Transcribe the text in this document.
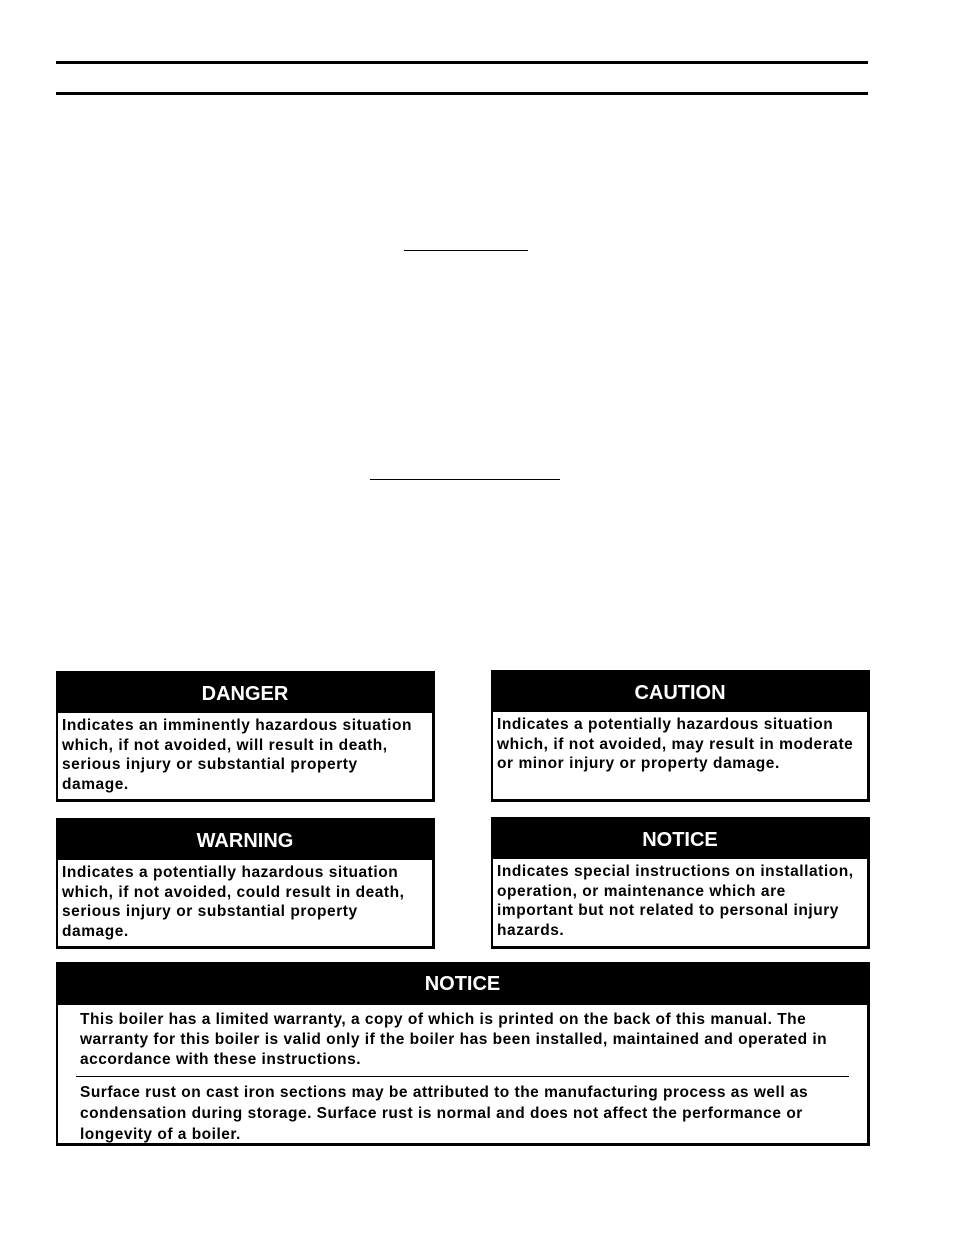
DANGER
Indicates an imminently hazardous situation which, if not avoided, will result in death, serious injury or substantial property damage.
CAUTION
Indicates a potentially hazardous situation which, if not avoided, may result in moderate or minor injury or property damage.
WARNING
Indicates a potentially hazardous situation which, if not avoided, could result in death, serious injury or substantial property damage.
NOTICE
Indicates special instructions on installation, operation, or maintenance which are important but not related to personal injury hazards.
NOTICE
This boiler has a limited warranty, a copy of which is printed on the back of this manual. The warranty for this boiler is valid only if the boiler has been installed, maintained and operated in accordance with these instructions.
Surface rust on cast iron sections may be attributed to the manufacturing process as well as condensation during storage. Surface rust is normal and does not affect the performance or longevity of a boiler.
